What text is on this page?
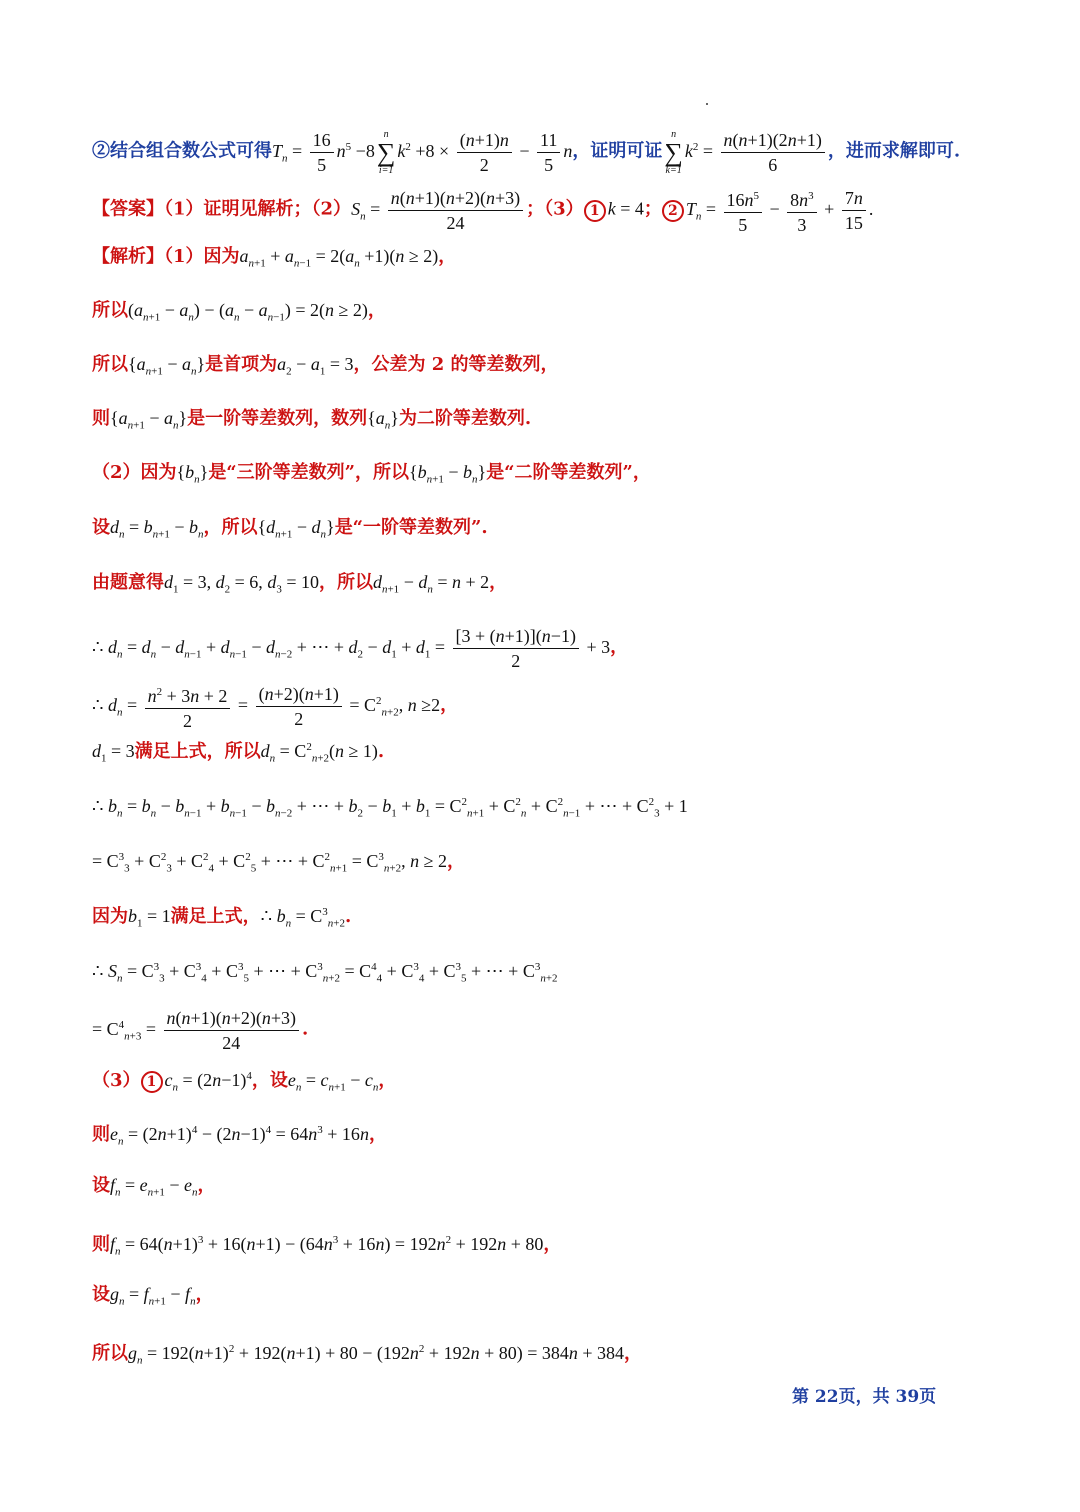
②结合组合数公式可得$T_n = \frac{16}{5} n^5 -8$
n
∑
i=1
$k^2 +8 \times \frac{(n+1)n}{2} - \frac{11}{5}$ n，证明可证
n
∑
k=1
$k^2 = \frac{n(n+1)(2n+1)}{6}$ ，进而求解即可.
【答案】（1）证明见解析；$(2)S_n = \frac{n(n+1)(n+2)(n+3)}{24}$ ；（3） 1 k = 4； 2 $T_n = \frac{16n^5}{5} - \frac{8n^3}{3} + \frac{7n}{15}$ .
【解析】（1）因为$a_{n+1} + a_{n-1} = 2(a_n +1)(n \ge 2)$，
所以$(a_{n+1} - a_n) - (a_n - a_{n-1}) = 2(n \ge 2)$，
所以$\{a_{n+1} - a_n\}$是首项为$a_2 - a_1 = 3$，公差为 2 的等差数列，
则$\{a_{n+1} - a_n\}$是一阶等差数列，数列$\{a_n\}$为二阶等差数列.
（2）因为$\{b_n\}$是“三阶等差数列”，所以$\{b_{n+1} - b_n\}$是“二阶等差数列”，
设$d_n = b_{n+1} - b_n$，所以$\{d_{n+1} - d_n\}$是“一阶等差数列”.
由题意得$d_1 = 3$, $d_2 = 6$, $d_3 = 10$，所以$d_{n+1} - d_n = n + 2$，
∴ $d_n = d_n - d_{n-1} + d_{n-1} - d_{n-2}$ + ⋯ + $d_2 - d_1 + d_1 = \frac{[3 + (n+1)](n-1)}{2} + 3$，
∴ $d_n = \frac{n^2 + 3n + 2}{2} = \frac{(n+2)(n+1)}{2} = C^2_{n+2}$, n ≥2，
$d_1 = 3$满足上式，所以$d_n = C^2_{n+2}(n \ge 1)$.
∴ $b_n = b_n - b_{n-1} + b_{n-1} - b_{n-2}$ + ⋯ + $b_2 - b_1 + b_1 = C^2_{n+1} + C^2_n + C^2_{n-1}$ + ⋯ + $C^2_3 + 1$
= $C^3_3 + C^2_3 + C^2_4 + C^2_5$ + ⋯ + $C^2_{n+1} = C^3_{n+2}$, n ≥ 2，
因为$b_1 = 1$满足上式，∴ $b_n = C^3_{n+2}$.
∴ $S_n = C^3_3 + C^3_4 + C^3_5$ + ⋯ + $C^3_{n+2} = C^4_4 + C^3_4 + C^3_5$ + ⋯ + $C^3_{n+2}$
= $C^4_{n+3} = \frac{n(n+1)(n+2)(n+3)}{24}$ .
（3） 1 $c_n = (2n-1)^4$，设$e_n = c_{n+1} - c_n$，
则$e_n = (2n+1)^4 - (2n-1)^4 = 64n^3 + 16n$，
设$f_n = e_{n+1} - e_n$，
则$f_n = 64(n+1)^3 + 16(n+1) - (64n^3 + 16n) = 192n^2 + 192n + 80$，
设$g_n = f_{n+1} - f_n$，
所以$g_n = 192(n+1)^2 + 192(n+1) + 80 - (192n^2 + 192n + 80) = 384n + 384$，
第 22页，共 39页
